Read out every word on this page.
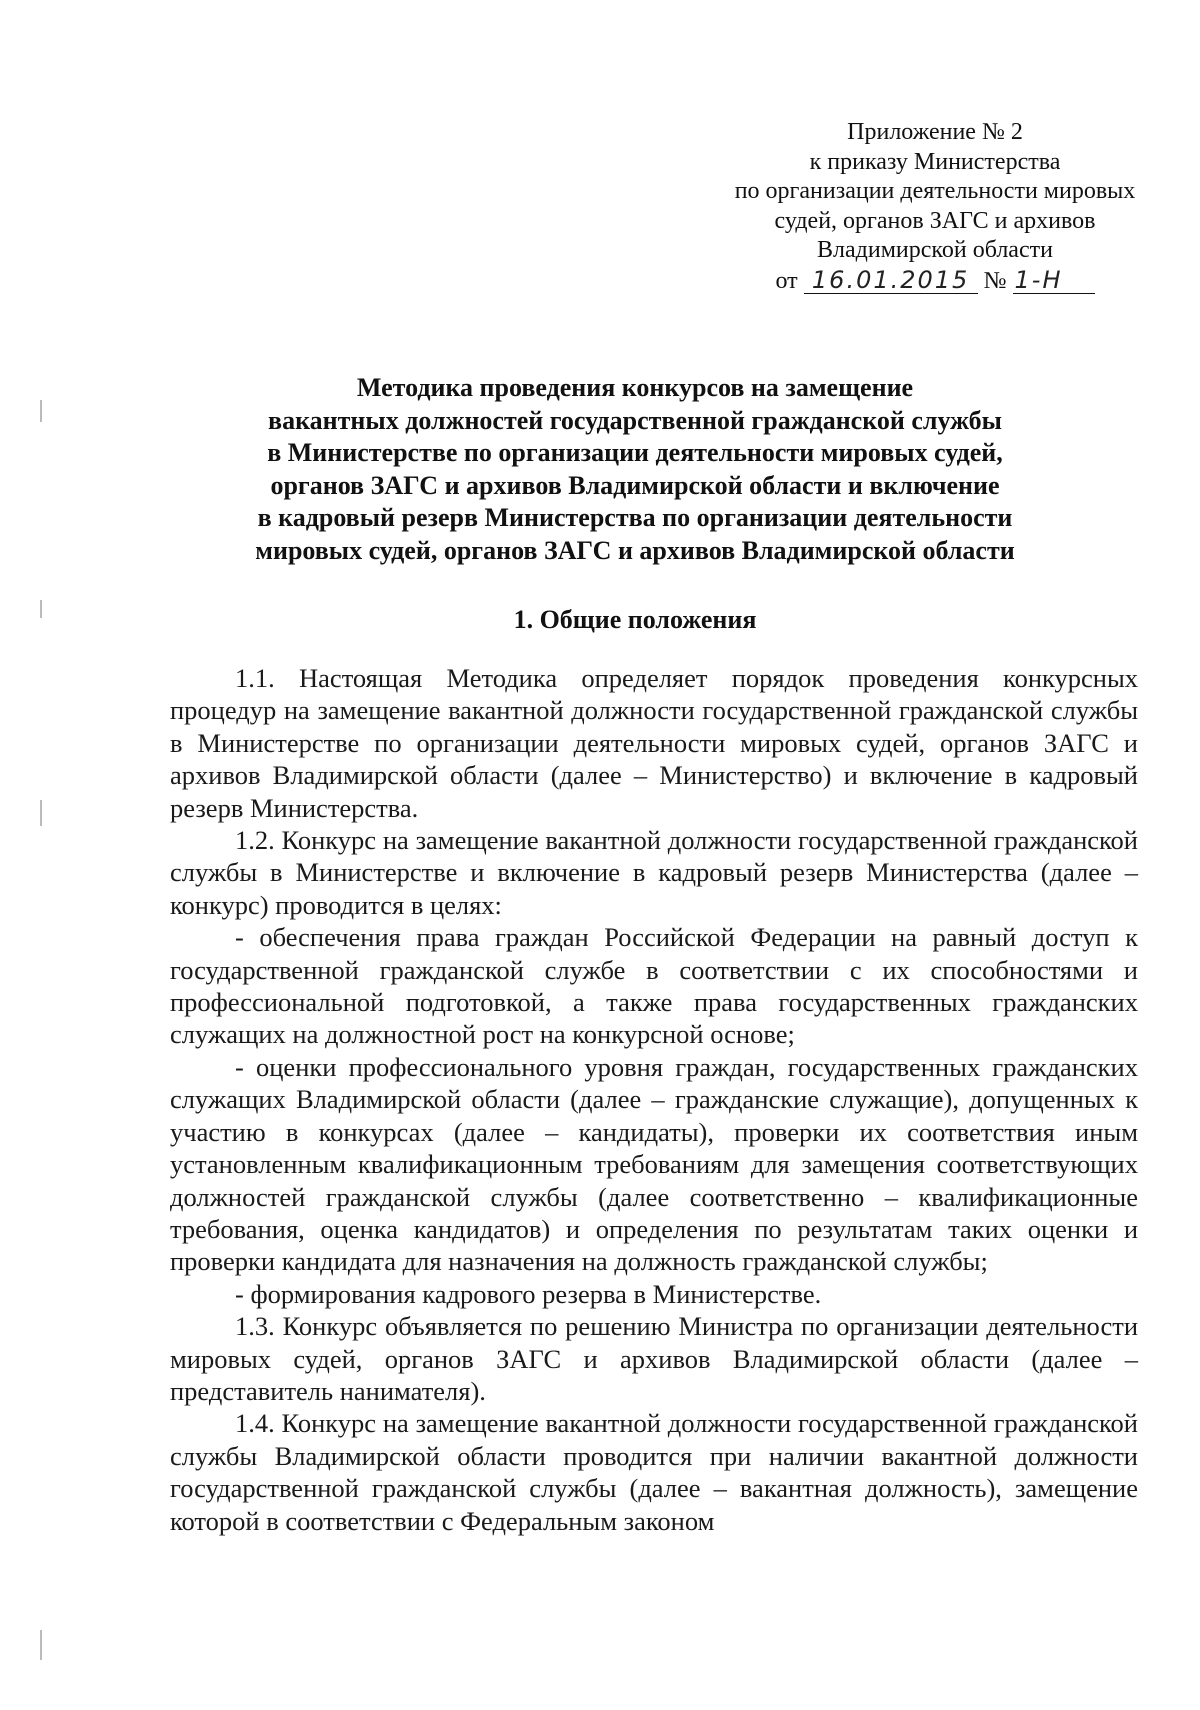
Приложение № 2
к приказу Министерства
по организации деятельности мировых
судей, органов ЗАГС и архивов
Владимирской области
от 16.01.2015 № 1-Н
Методика проведения конкурсов на замещение
вакантных должностей государственной гражданской службы
в Министерстве по организации деятельности мировых судей,
органов ЗАГС и архивов Владимирской области и включение
в кадровый резерв Министерства по организации деятельности
мировых судей, органов ЗАГС и архивов Владимирской области
1. Общие положения

1.1. Настоящая Методика определяет порядок проведения конкурсных процедур на замещение вакантной должности государственной гражданской службы в Министерстве по организации деятельности мировых судей, органов ЗАГС и архивов Владимирской области (далее – Министерство) и включение в кадровый резерв Министерства.

1.2. Конкурс на замещение вакантной должности государственной гражданской службы в Министерстве и включение в кадровый резерв Министерства (далее – конкурс) проводится в целях:

- обеспечения права граждан Российской Федерации на равный доступ к государственной гражданской службе в соответствии с их способностями и профессиональной подготовкой, а также права государственных гражданских служащих на должностной рост на конкурсной основе;

- оценки профессионального уровня граждан, государственных гражданских служащих Владимирской области (далее – гражданские служащие), допущенных к участию в конкурсах (далее – кандидаты), проверки их соответствия иным установленным квалификационным требованиям для замещения соответствующих должностей гражданской службы (далее соответственно – квалификационные требования, оценка кандидатов) и определения по результатам таких оценки и проверки кандидата для назначения на должность гражданской службы;

- формирования кадрового резерва в Министерстве.

1.3. Конкурс объявляется по решению Министра по организации деятельности мировых судей, органов ЗАГС и архивов Владимирской области (далее – представитель нанимателя).

1.4. Конкурс на замещение вакантной должности государственной гражданской службы Владимирской области проводится при наличии вакантной должности государственной гражданской службы (далее – вакантная должность), замещение которой в соответствии с Федеральным законом
